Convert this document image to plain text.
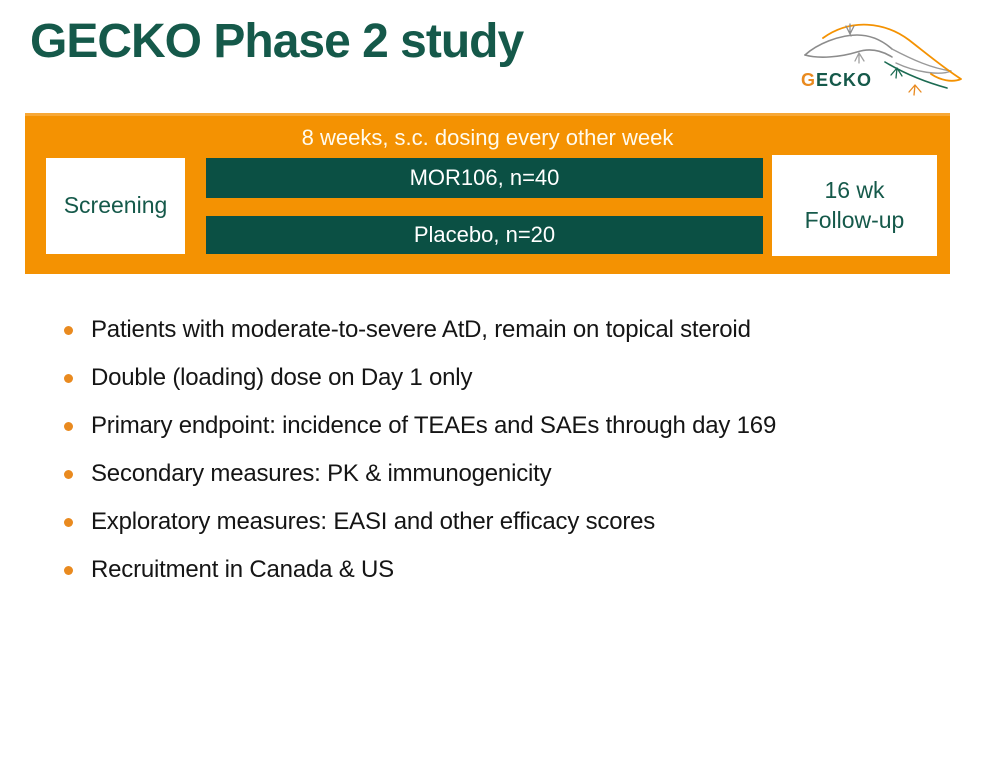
GECKO Phase 2 study
GECKO
8 weeks, s.c. dosing every other week
Screening
MOR106, n=40
Placebo, n=20
16 wk
Follow-up
Patients with moderate-to-severe AtD, remain on topical steroid
Double (loading) dose on Day 1 only
Primary endpoint: incidence of TEAEs and SAEs through day 169
Secondary measures: PK & immunogenicity
Exploratory measures: EASI and other efficacy scores
Recruitment in Canada & US
